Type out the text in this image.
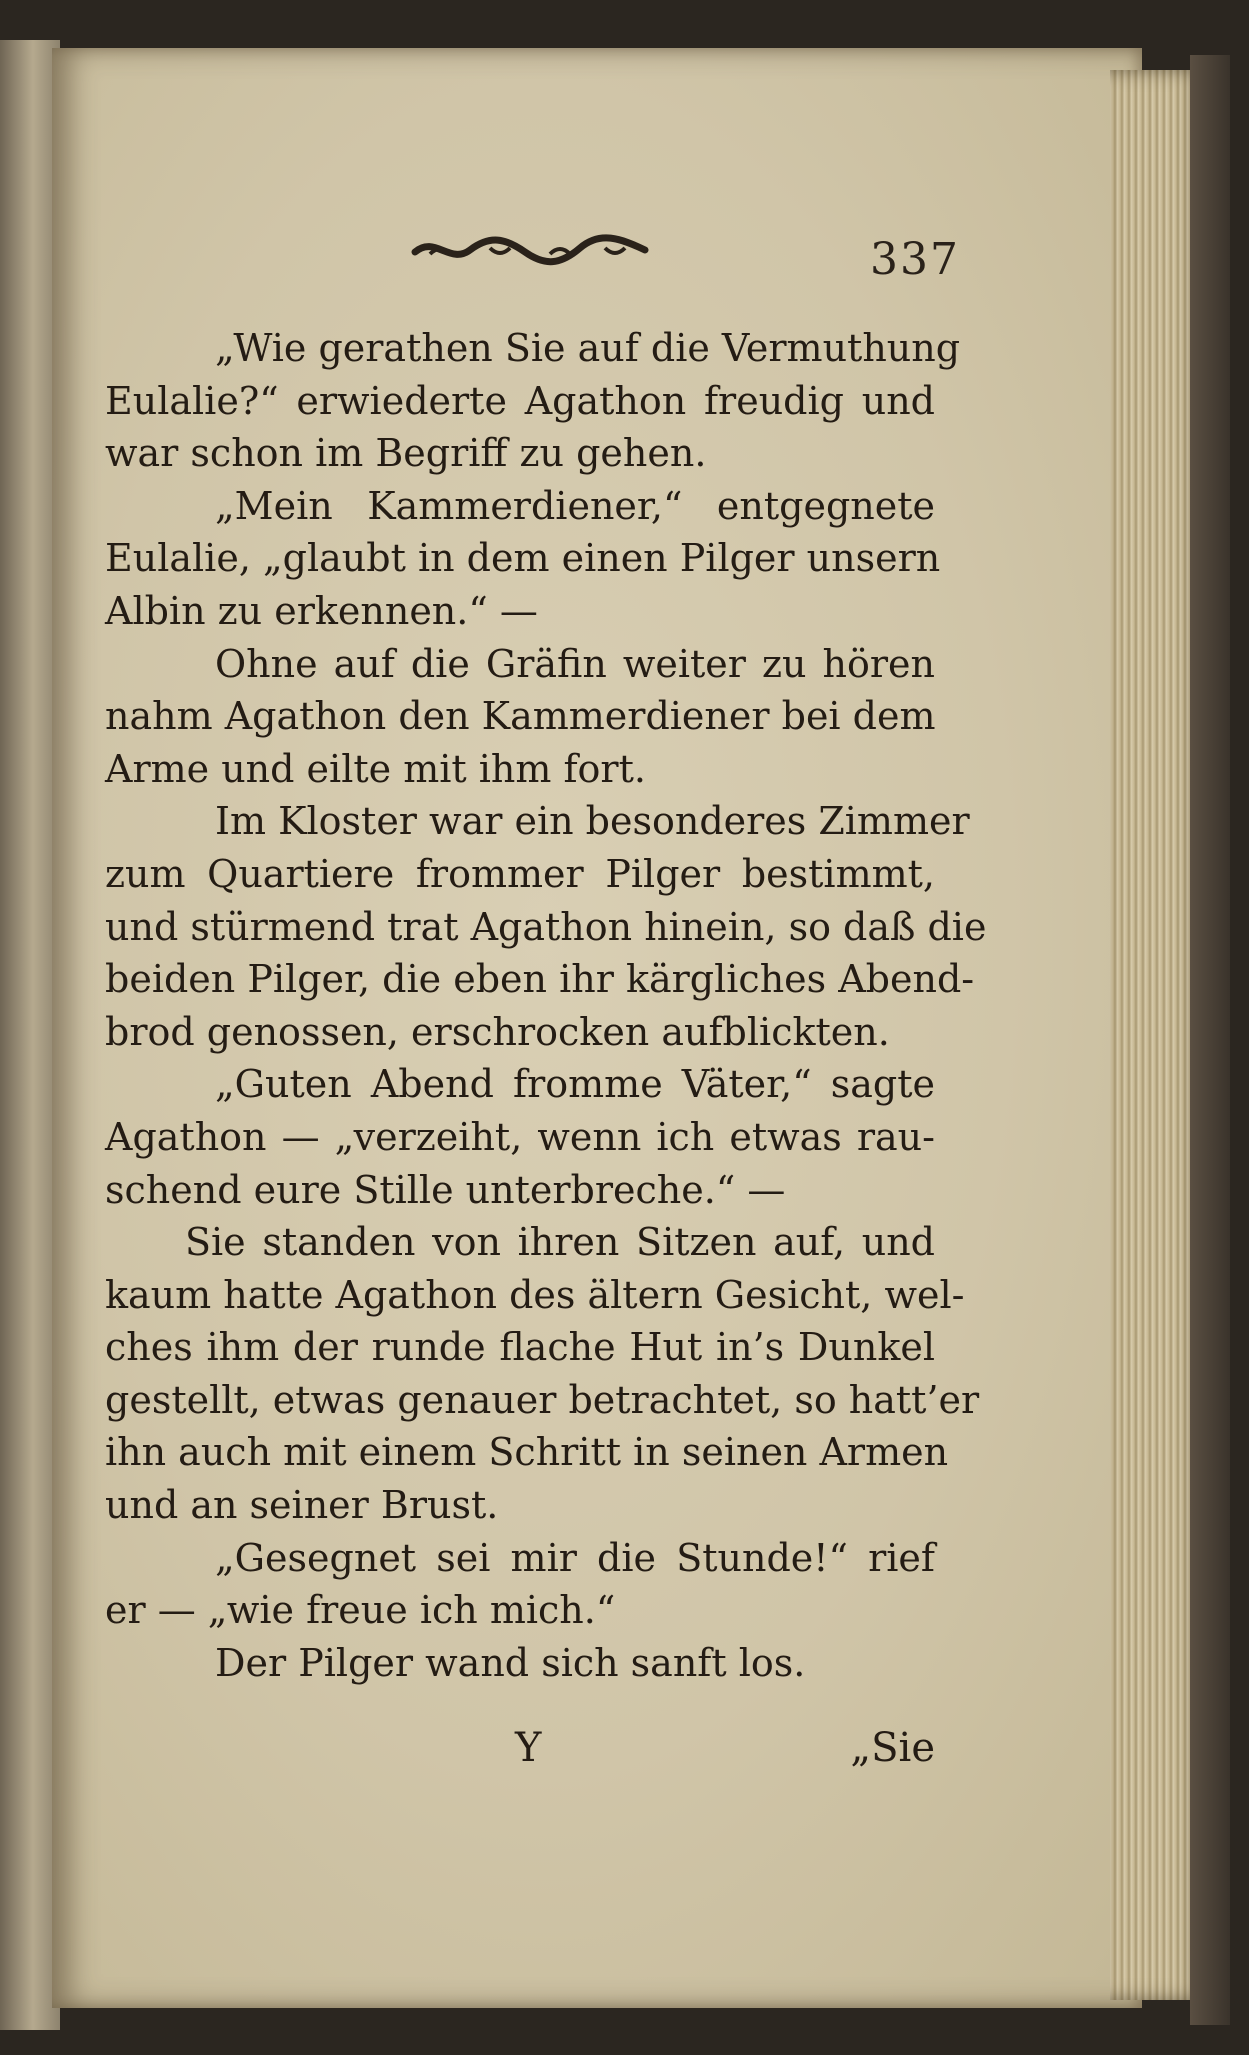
337
„Wie gerathen Sie auf die Vermuthung
Eulalie?“ erwiederte Agathon freudig und
war schon im Begriff zu gehen.
„Mein Kammerdiener,“ entgegnete
Eulalie, „glaubt in dem einen Pilger unsern
Albin zu erkennen.“ —
Ohne auf die Gräfin weiter zu hören
nahm Agathon den Kammerdiener bei dem
Arme und eilte mit ihm fort.
Im Kloster war ein besonderes Zimmer
zum Quartiere frommer Pilger bestimmt,
und stürmend trat Agathon hinein, so daß die
beiden Pilger, die eben ihr kärgliches Abend-
brod genossen, erschrocken aufblickten.
„Guten Abend fromme Väter,“ sagte
Agathon — „verzeiht, wenn ich etwas rau-
schend eure Stille unterbreche.“ —
Sie standen von ihren Sitzen auf, und
kaum hatte Agathon des ältern Gesicht, wel-
ches ihm der runde flache Hut in’s Dunkel
gestellt, etwas genauer betrachtet, so hatt’er
ihn auch mit einem Schritt in seinen Armen
und an seiner Brust.
„Gesegnet sei mir die Stunde!“ rief
er — „wie freue ich mich.“
Der Pilger wand sich sanft los.
Y	„Sie
